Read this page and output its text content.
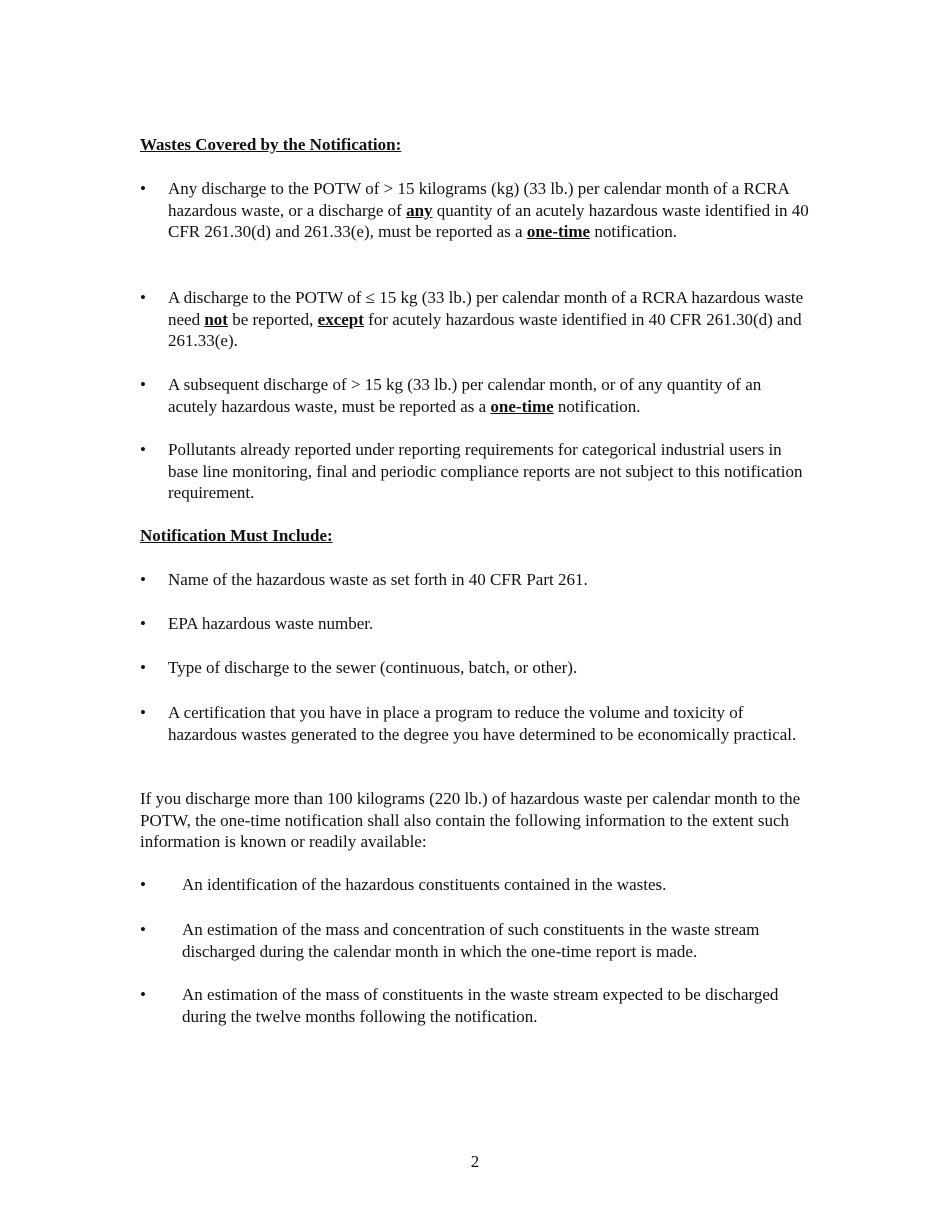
Wastes Covered by the Notification:
• Any discharge to the POTW of > 15 kilograms (kg) (33 lb.) per calendar month of a RCRA hazardous waste, or a discharge of any quantity of an acutely hazardous waste identified in 40 CFR 261.30(d) and 261.33(e), must be reported as a one-time notification.
• A discharge to the POTW of ≤ 15 kg (33 lb.) per calendar month of a RCRA hazardous waste need not be reported, except for acutely hazardous waste identified in 40 CFR 261.30(d) and 261.33(e).
• A subsequent discharge of > 15 kg (33 lb.) per calendar month, or of any quantity of an acutely hazardous waste, must be reported as a one-time notification.
• Pollutants already reported under reporting requirements for categorical industrial users in base line monitoring, final and periodic compliance reports are not subject to this notification requirement.
Notification Must Include:
• Name of the hazardous waste as set forth in 40 CFR Part 261.
• EPA hazardous waste number.
• Type of discharge to the sewer (continuous, batch, or other).
• A certification that you have in place a program to reduce the volume and toxicity of hazardous wastes generated to the degree you have determined to be economically practical.

If you discharge more than 100 kilograms (220 lb.) of hazardous waste per calendar month to the POTW, the one-time notification shall also contain the following information to the extent such information is known or readily available:

• An identification of the hazardous constituents contained in the wastes.
• An estimation of the mass and concentration of such constituents in the waste stream discharged during the calendar month in which the one-time report is made.
• An estimation of the mass of constituents in the waste stream expected to be discharged during the twelve months following the notification.
2
